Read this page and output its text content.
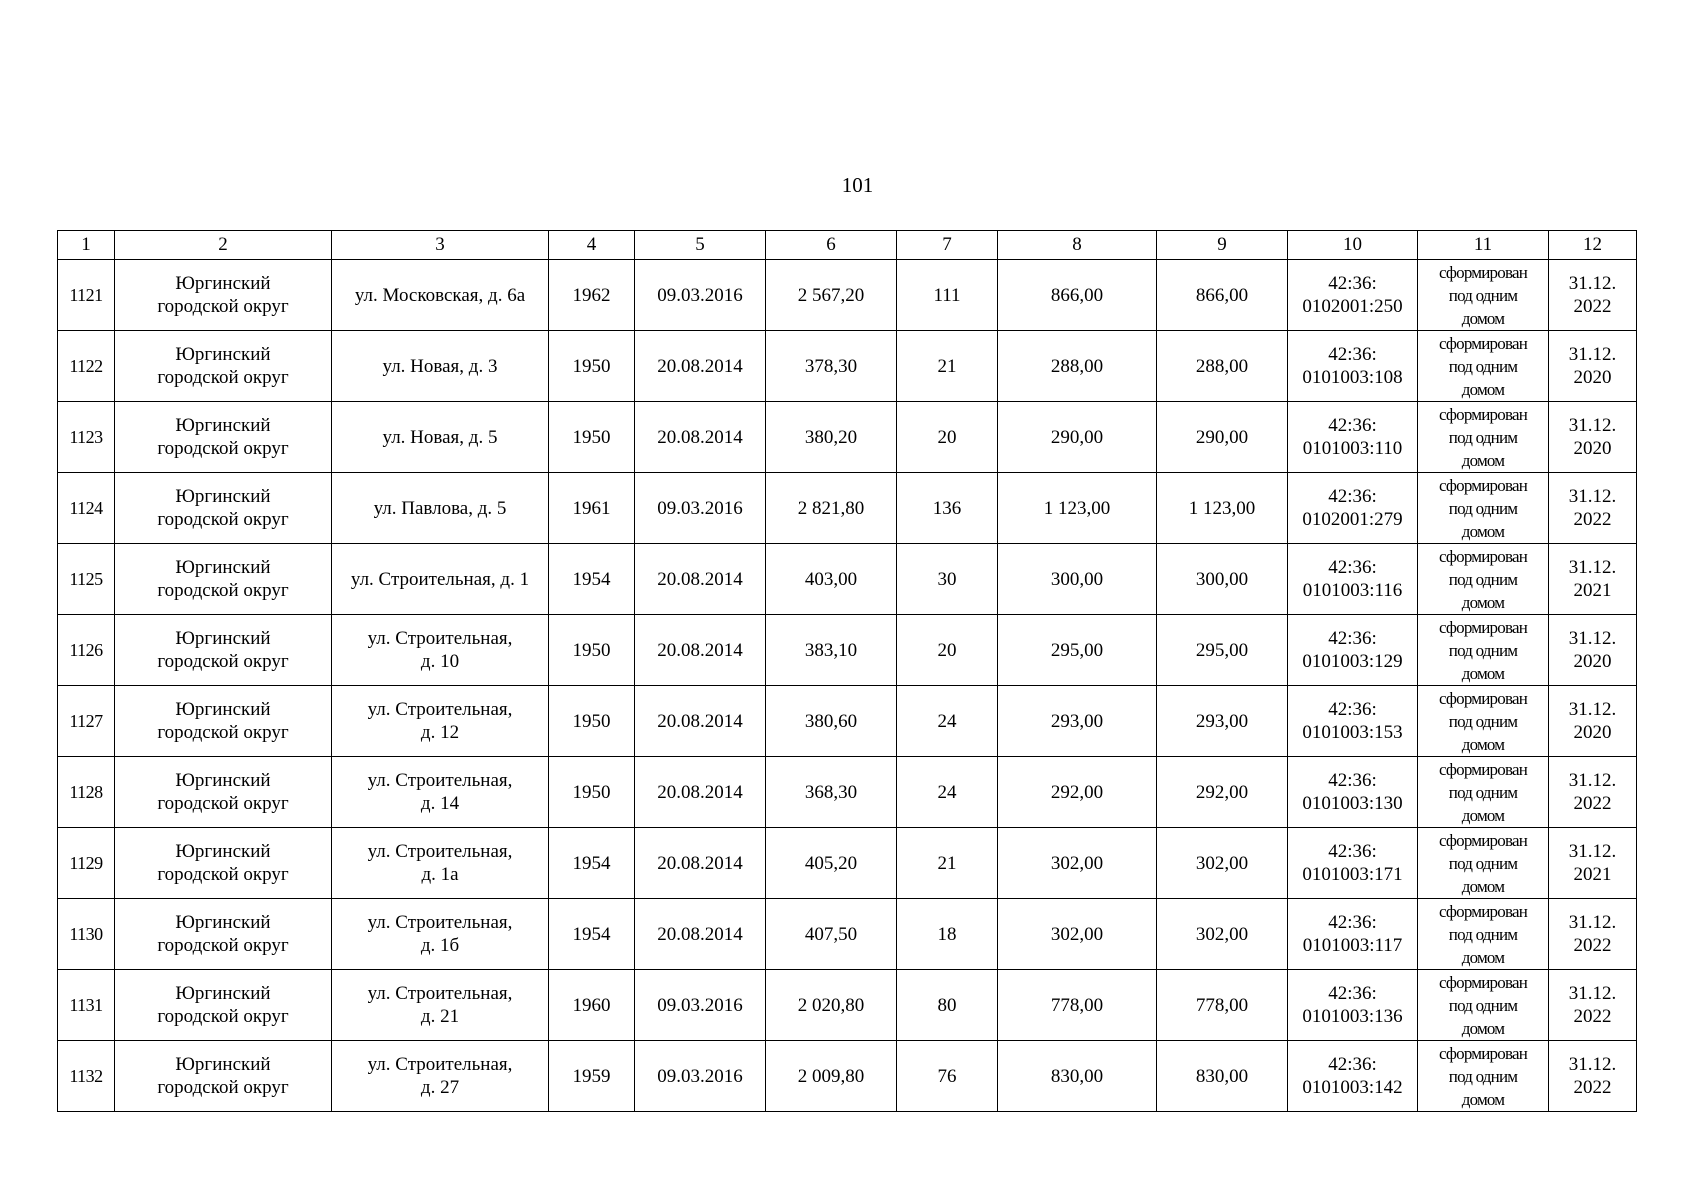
101
1	2	3	4	5	6	7	8	9	10	11	12
1121	Юргинский
городской округ	ул. Московская, д. 6а	1962	09.03.2016	2 567,20	111	866,00	866,00	42:36:
0102001:250	сформирован
под одним
домом	31.12.
2022

1122	Юргинский
городской округ	ул. Новая, д. 3	1950	20.08.2014	378,30	21	288,00	288,00	42:36:
0101003:108	сформирован
под одним
домом	31.12.
2020

1123	Юргинский
городской округ	ул. Новая, д. 5	1950	20.08.2014	380,20	20	290,00	290,00	42:36:
0101003:110	сформирован
под одним
домом	31.12.
2020

1124	Юргинский
городской округ	ул. Павлова, д. 5	1961	09.03.2016	2 821,80	136	1 123,00	1 123,00	42:36:
0102001:279	сформирован
под одним
домом	31.12.
2022

1125	Юргинский
городской округ	ул. Строительная, д. 1	1954	20.08.2014	403,00	30	300,00	300,00	42:36:
0101003:116	сформирован
под одним
домом	31.12.
2021

1126	Юргинский
городской округ	ул. Строительная,
д. 10	1950	20.08.2014	383,10	20	295,00	295,00	42:36:
0101003:129	сформирован
под одним
домом	31.12.
2020

1127	Юргинский
городской округ	ул. Строительная,
д. 12	1950	20.08.2014	380,60	24	293,00	293,00	42:36:
0101003:153	сформирован
под одним
домом	31.12.
2020

1128	Юргинский
городской округ	ул. Строительная,
д. 14	1950	20.08.2014	368,30	24	292,00	292,00	42:36:
0101003:130	сформирован
под одним
домом	31.12.
2022

1129	Юргинский
городской округ	ул. Строительная,
д. 1а	1954	20.08.2014	405,20	21	302,00	302,00	42:36:
0101003:171	сформирован
под одним
домом	31.12.
2021

1130	Юргинский
городской округ	ул. Строительная,
д. 1б	1954	20.08.2014	407,50	18	302,00	302,00	42:36:
0101003:117	сформирован
под одним
домом	31.12.
2022

1131	Юргинский
городской округ	ул. Строительная,
д. 21	1960	09.03.2016	2 020,80	80	778,00	778,00	42:36:
0101003:136	сформирован
под одним
домом	31.12.
2022

1132	Юргинский
городской округ	ул. Строительная,
д. 27	1959	09.03.2016	2 009,80	76	830,00	830,00	42:36:
0101003:142	сформирован
под одним
домом	31.12.
2022
